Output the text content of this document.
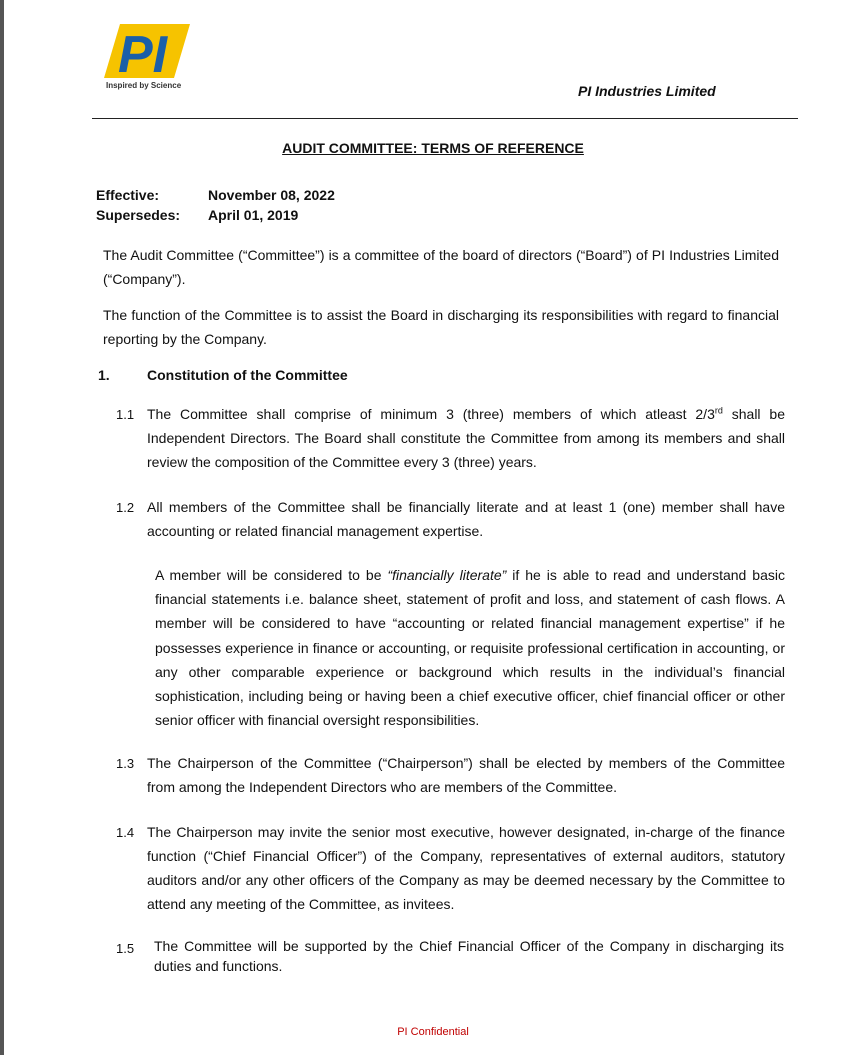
PI
Inspired by Science	PI Industries Limited
AUDIT COMMITTEE: TERMS OF REFERENCE
Effective:	November 08, 2022
Supersedes: April 01, 2019
The Audit Committee (“Committee”) is a committee of the board of directors (“Board”) of PI Industries Limited (“Company”).
The function of the Committee is to assist the Board in discharging its responsibilities with regard to financial reporting by the Company.
1.	Constitution of the Committee
1.1 The Committee shall comprise of minimum 3 (three) members of which atleast 2/3rd shall be Independent Directors. The Board shall constitute the Committee from among its members and shall review the composition of the Committee every 3 (three) years.
1.2 All members of the Committee shall be financially literate and at least 1 (one) member shall have accounting or related financial management expertise.
A member will be considered to be “financially literate” if he is able to read and understand basic financial statements i.e. balance sheet, statement of profit and loss, and statement of cash flows. A member will be considered to have “accounting or related financial management expertise” if he possesses experience in finance or accounting, or requisite professional certification in accounting, or any other comparable experience or background which results in the individual’s financial sophistication, including being or having been a chief executive officer, chief financial officer or other senior officer with financial oversight responsibilities.
1.3 The Chairperson of the Committee (“Chairperson”) shall be elected by members of the Committee from among the Independent Directors who are members of the Committee.
1.4 The Chairperson may invite the senior most executive, however designated, in-charge of the finance function (“Chief Financial Officer”) of the Company, representatives of external auditors, statutory auditors and/or any other officers of the Company as may be deemed necessary by the Committee to attend any meeting of the Committee, as invitees.
1.5 The Committee will be supported by the Chief Financial Officer of the Company in discharging its duties and functions.
PI Confidential
